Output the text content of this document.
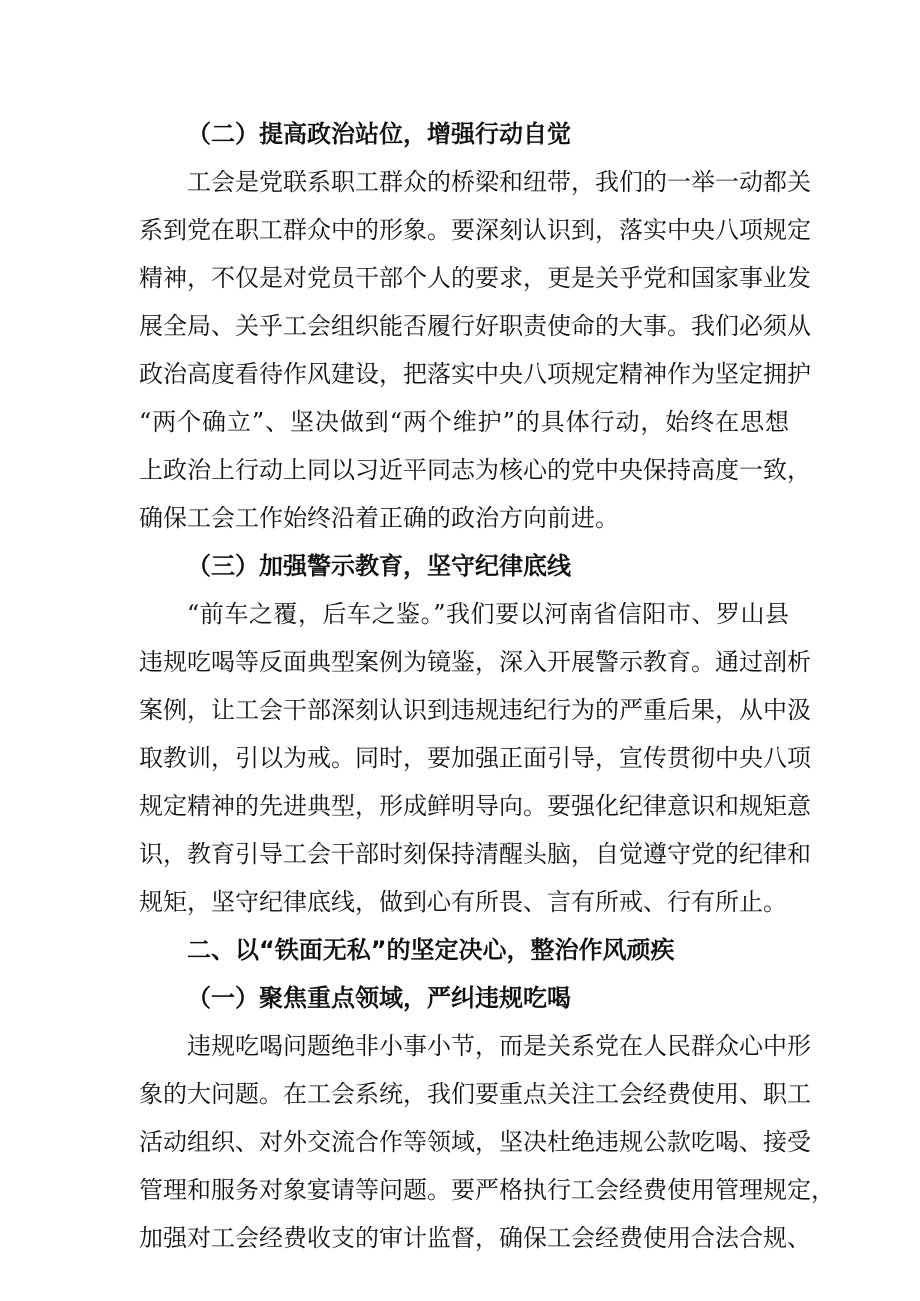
（二）提高政治站位，增强行动自觉
工会是党联系职工群众的桥梁和纽带，我们的一举一动都关
系到党在职工群众中的形象。要深刻认识到，落实中央八项规定
精神，不仅是对党员干部个人的要求，更是关乎党和国家事业发
展全局、关乎工会组织能否履行好职责使命的大事。我们必须从
政治高度看待作风建设，把落实中央八项规定精神作为坚定拥护
“两个确立”、坚决做到“两个维护”的具体行动，始终在思想
上政治上行动上同以习近平同志为核心的党中央保持高度一致，
确保工会工作始终沿着正确的政治方向前进。
（三）加强警示教育，坚守纪律底线
“前车之覆，后车之鉴。”我们要以河南省信阳市、罗山县
违规吃喝等反面典型案例为镜鉴，深入开展警示教育。通过剖析
案例，让工会干部深刻认识到违规违纪行为的严重后果，从中汲
取教训，引以为戒。同时，要加强正面引导，宣传贯彻中央八项
规定精神的先进典型，形成鲜明导向。要强化纪律意识和规矩意
识，教育引导工会干部时刻保持清醒头脑，自觉遵守党的纪律和
规矩，坚守纪律底线，做到心有所畏、言有所戒、行有所止。
二、以“铁面无私”的坚定决心，整治作风顽疾
（一）聚焦重点领域，严纠违规吃喝
违规吃喝问题绝非小事小节，而是关系党在人民群众心中形
象的大问题。在工会系统，我们要重点关注工会经费使用、职工
活动组织、对外交流合作等领域，坚决杜绝违规公款吃喝、接受
管理和服务对象宴请等问题。要严格执行工会经费使用管理规定，
加强对工会经费收支的审计监督，确保工会经费使用合法合规、
